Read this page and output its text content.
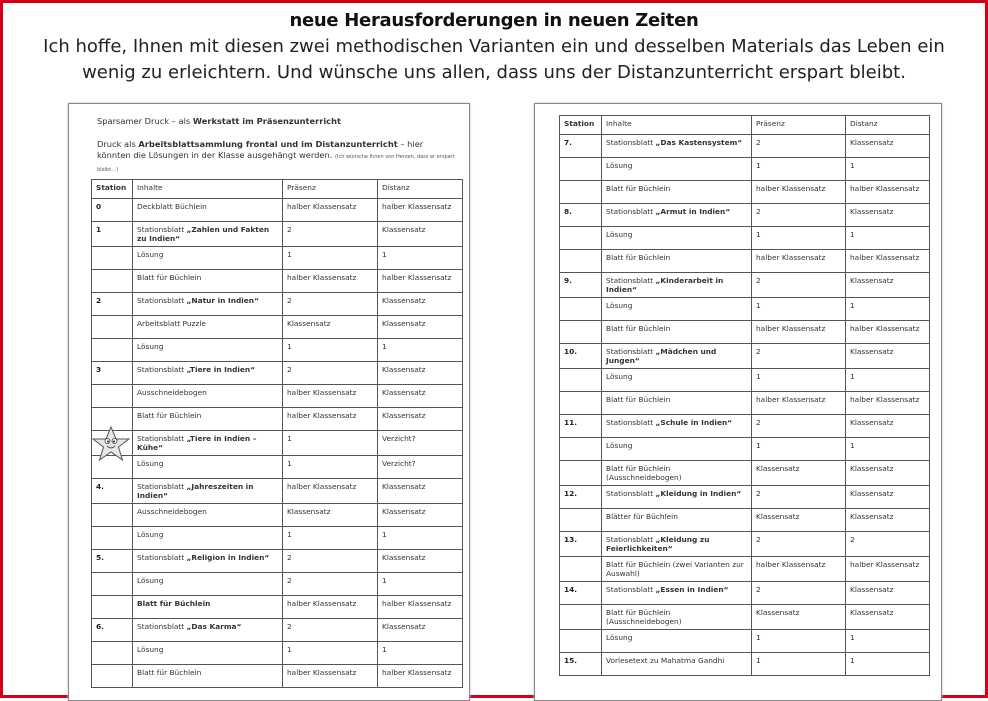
neue Herausforderungen in neuen Zeiten
Ich hoffe, Ihnen mit diesen zwei methodischen Varianten ein und desselben Materials das Leben ein
wenig zu erleichtern. Und wünsche uns allen, dass uns der Distanzunterricht erspart bleibt.

Sparsamer Druck – als Werkstatt im Präsenzunterricht

Druck als Arbeitsblattsammlung frontal und im Distanzunterricht – hier könnten die Lösungen in der Klasse ausgehängt werden. (Ich wünsche Ihnen von Herzen, dass er erspart bleibt…)

Station	Inhalte	Präsenz	Distanz
0	Deckblatt Büchlein	halber Klassensatz	halber Klassensatz
1	Stationsblatt „Zahlen und Fakten zu Indien“	2	Klassensatz
	Lösung	1	1
	Blatt für Büchlein	halber Klassensatz	halber Klassensatz
2	Stationsblatt „Natur in Indien“	2	Klassensatz
	Arbeitsblatt Puzzle	Klassensatz	Klassensatz
	Lösung	1	1
3	Stationsblatt „Tiere in Indien“	2	Klassensatz
	Ausschneidebogen	halber Klassensatz	Klassensatz
	Blatt für Büchlein	halber Klassensatz	Klassensatz
	Stationsblatt „Tiere in Indien – Kühe“	1	Verzicht?
	Lösung	1	Verzicht?
4.	Stationsblatt „Jahreszeiten in Indien“	halber Klassensatz	Klassensatz
	Ausschneidebogen	Klassensatz	Klassensatz
	Lösung	1	1
5.	Stationsblatt „Religion in Indien“	2	Klassensatz
	Lösung	2	1
	Blatt für Büchlein	halber Klassensatz	halber Klassensatz
6.	Stationsblatt „Das Karma“	2	Klassensatz
	Lösung	1	1
	Blatt für Büchlein	halber Klassensatz	halber Klassensatz
Station	Inhalte	Präsenz	Distanz
7.	Stationsblatt „Das Kastensystem“	2	Klassensatz
	Lösung	1	1
	Blatt für Büchlein	halber Klassensatz	halber Klassensatz
8.	Stationsblatt „Armut in Indien“	2	Klassensatz
	Lösung	1	1
	Blatt für Büchlein	halber Klassensatz	halber Klassensatz
9.	Stationsblatt „Kinderarbeit in Indien“	2	Klassensatz
	Lösung	1	1
	Blatt für Büchlein	halber Klassensatz	halber Klassensatz
10.	Stationsblatt „Mädchen und Jungen“	2	Klassensatz
	Lösung	1	1
	Blatt für Büchlein	halber Klassensatz	halber Klassensatz
11.	Stationsblatt „Schule in Indien“	2	Klassensatz
	Lösung	1	1
	Blatt für Büchlein (Ausschneidebogen)	Klassensatz	Klassensatz
12.	Stationsblatt „Kleidung in Indien“	2	Klassensatz
	Blätter für Büchlein	Klassensatz	Klassensatz
13.	Stationsblatt „Kleidung zu Feierlichkeiten“	2	2
	Blatt für Büchlein (zwei Varianten zur Auswahl)	halber Klassensatz	halber Klassensatz
14.	Stationsblatt „Essen in Indien“	2	Klassensatz
	Blatt für Büchlein (Ausschneidebogen)	Klassensatz	Klassensatz
	Lösung	1	1
15.	Vorlesetext zu Mahatma Gandhi	1	1
